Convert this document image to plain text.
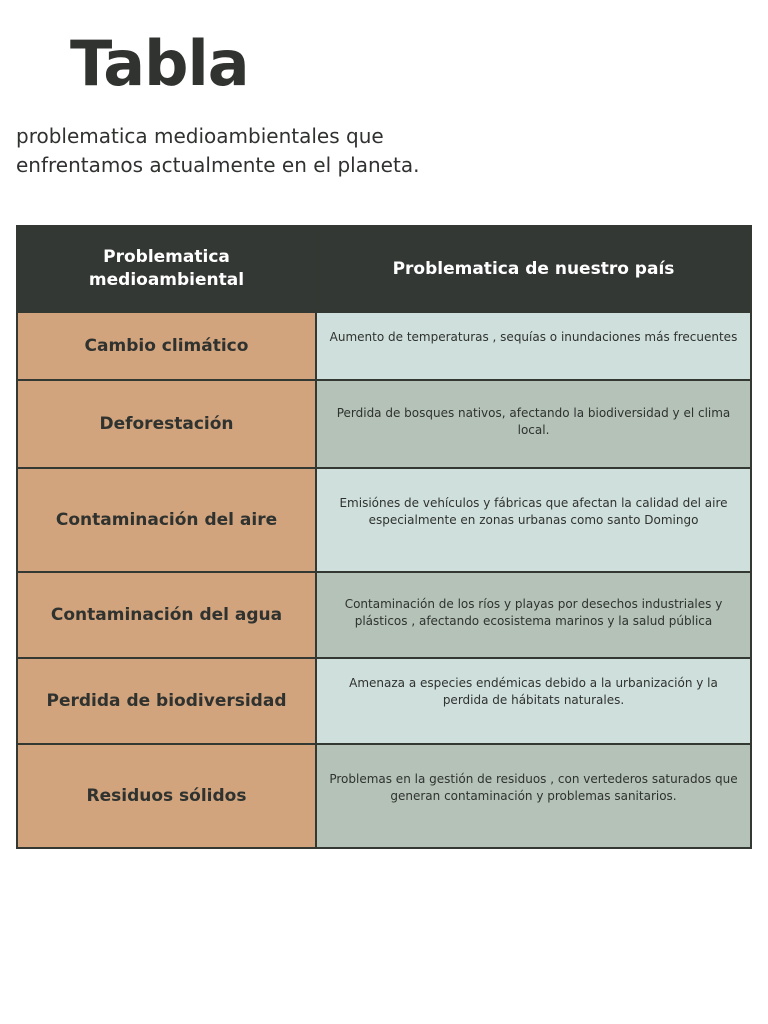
Tabla

problematica medioambientales que enfrentamos actualmente en el planeta.

Problematica medioambiental	Problematica de nuestro país
Cambio climático	Aumento de temperaturas , sequías o inundaciones más frecuentes

Deforestación	Perdida de bosques nativos, afectando la biodiversidad y el clima local.

Contaminación del aire	Emisiónes de vehículos y fábricas que afectan la calidad del aire especialmente en zonas urbanas como santo Domingo

Contaminación del agua	Contaminación de los ríos y playas por desechos industriales y plásticos , afectando ecosistema marinos y la salud pública

Perdida de biodiversidad	Amenaza a especies endémicas debido a la urbanización y la perdida de hábitats naturales.

Residuos sólidos	Problemas en la gestión de residuos , con vertederos saturados que generan contaminación y problemas sanitarios.
